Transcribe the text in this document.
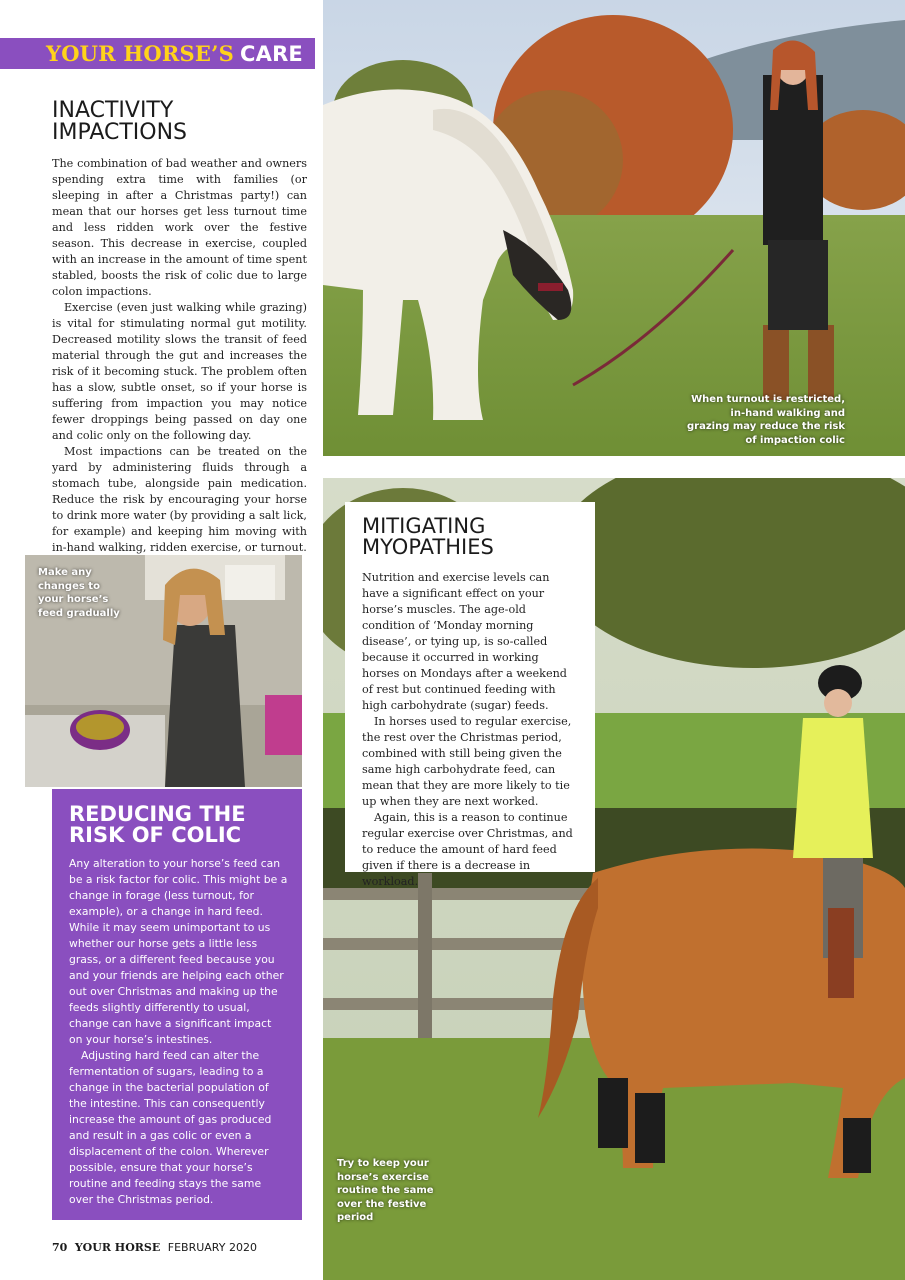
YOUR HORSE’S CARE
INACTIVITY IMPACTIONS

The combination of bad weather and owners spending extra time with families (or sleeping in after a Christmas party!) can mean that our horses get less turnout time and less ridden work over the festive season. This decrease in exercise, coupled with an increase in the amount of time spent stabled, boosts the risk of colic due to large colon impactions.

Exercise (even just walking while grazing) is vital for stimulating normal gut motility. Decreased motility slows the transit of feed material through the gut and increases the risk of it becoming stuck. The problem often has a slow, subtle onset, so if your horse is suffering from impaction you may notice fewer droppings being passed on day one and colic only on the following day.

Most impactions can be treated on the yard by administering fluids through a stomach tube, alongside pain medication. Reduce the risk by encouraging your horse to drink more water (by providing a salt lick, for example) and keeping him moving with in-hand walking, ridden exercise, or turnout.

When turnout is restricted, in-hand walking and grazing may reduce the risk of impaction colic
Try to keep your horse’s exercise routine the same over the festive period
MITIGATING MYOPATHIES

Nutrition and exercise levels can have a significant effect on your horse’s muscles. The age-old condition of ‘Monday morning disease’, or tying up, is so-called because it occurred in working horses on Mondays after a weekend of rest but continued feeding with high carbohydrate (sugar) feeds.

In horses used to regular exercise, the rest over the Christmas period, combined with still being given the same high carbohydrate feed, can mean that they are more likely to tie up when they are next worked.

Again, this is a reason to continue regular exercise over Christmas, and to reduce the amount of hard feed given if there is a decrease in workload.

Make any changes to your horse’s feed gradually
REDUCING THE RISK OF COLIC

Any alteration to your horse’s feed can be a risk factor for colic. This might be a change in forage (less turnout, for example), or a change in hard feed. While it may seem unimportant to us whether our horse gets a little less grass, or a different feed because you and your friends are helping each other out over Christmas and making up the feeds slightly differently to usual, change can have a significant impact on your horse’s intestines.

Adjusting hard feed can alter the fermentation of sugars, leading to a change in the bacterial population of the intestine. This can consequently increase the amount of gas produced and result in a gas colic or even a displacement of the colon. Wherever possible, ensure that your horse’s routine and feeding stays the same over the Christmas period.

70 YOUR HORSE FEBRUARY 2020
